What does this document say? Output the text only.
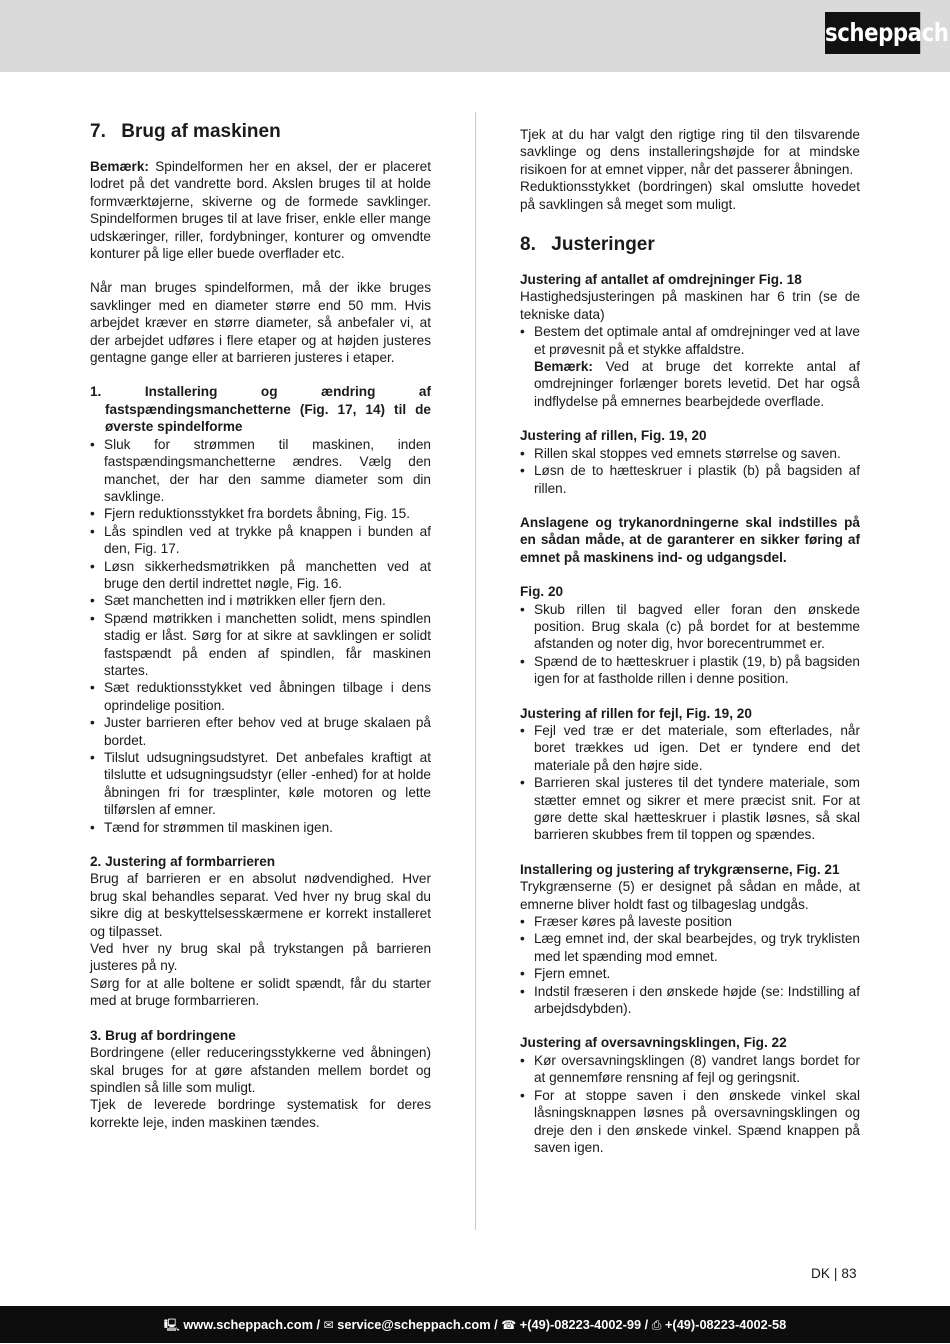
scheppach
7. Brug af maskinen

Bemærk: Spindelformen her en aksel, der er placeret lodret på det vandrette bord. Akslen bruges til at holde formværktøjerne, skiverne og de formede savklinger. Spindelformen bruges til at lave friser, enkle eller mange udskæringer, riller, fordybninger, konturer og omvendte konturer på lige eller buede overflader etc.

Når man bruges spindelformen, må der ikke bruges savklinger med en diameter større end 50 mm. Hvis arbejdet kræver en større diameter, så anbefaler vi, at der arbejdet udføres i flere etaper og at højden justeres gentagne gange eller at barrieren justeres i etaper.

1. Installering og ændring af fastspændingsmanchetterne (Fig. 17, 14) til de øverste spindelforme

• Sluk for strømmen til maskinen, inden fastspændingsmanchetterne ændres. Vælg den manchet, der har den samme diameter som din savklinge.
• Fjern reduktionsstykket fra bordets åbning, Fig. 15.
• Lås spindlen ved at trykke på knappen i bunden af den, Fig. 17.
• Løsn sikkerhedsmøtrikken på manchetten ved at bruge den dertil indrettet nøgle, Fig. 16.
• Sæt manchetten ind i møtrikken eller fjern den.
• Spænd møtrikken i manchetten solidt, mens spindlen stadig er låst. Sørg for at sikre at savklingen er solidt fastspændt på enden af spindlen, får maskinen startes.
• Sæt reduktionsstykket ved åbningen tilbage i dens oprindelige position.
• Juster barrieren efter behov ved at bruge skalaen på bordet.
• Tilslut udsugningsudstyret. Det anbefales kraftigt at tilslutte et udsugningsudstyr (eller -enhed) for at holde åbningen fri for træsplinter, køle motoren og lette tilførslen af emner.
• Tænd for strømmen til maskinen igen.

2. Justering af formbarrieren

Brug af barrieren er en absolut nødvendighed. Hver brug skal behandles separat. Ved hver ny brug skal du sikre dig at beskyttelsesskærmene er korrekt installeret og tilpasset.

Ved hver ny brug skal på trykstangen på barrieren justeres på ny.

Sørg for at alle boltene er solidt spændt, får du starter med at bruge formbarrieren.

3. Brug af bordringene

Bordringene (eller reduceringsstykkerne ved åbningen) skal bruges for at gøre afstanden mellem bordet og spindlen så lille som muligt.

Tjek de leverede bordringe systematisk for deres korrekte leje, inden maskinen tændes.

Tjek at du har valgt den rigtige ring til den tilsvarende savklinge og dens installeringshøjde for at mindske risikoen for at emnet vipper, når det passerer åbningen.

Reduktionsstykket (bordringen) skal omslutte hovedet på savklingen så meget som muligt.

8. Justeringer

Justering af antallet af omdrejninger Fig. 18

Hastighedsjusteringen på maskinen har 6 trin (se de tekniske data)

• Bestem det optimale antal af omdrejninger ved at lave et prøvesnit på et stykke affaldstre.
Bemærk: Ved at bruge det korrekte antal af omdrejninger forlænger borets levetid. Det har også indflydelse på emnernes bearbejdede overflade.

Justering af rillen, Fig. 19, 20

• Rillen skal stoppes ved emnets størrelse og saven.
• Løsn de to hætteskruer i plastik (b) på bagsiden af rillen.

Anslagene og trykanordningerne skal indstilles på en sådan måde, at de garanterer en sikker føring af emnet på maskinens ind- og udgangsdel.

Fig. 20

• Skub rillen til bagved eller foran den ønskede position. Brug skala (c) på bordet for at bestemme afstanden og noter dig, hvor borecentrummet er.
• Spænd de to hætteskruer i plastik (19, b) på bagsiden igen for at fastholde rillen i denne position.

Justering af rillen for fejl, Fig. 19, 20

• Fejl ved træ er det materiale, som efterlades, når boret trækkes ud igen. Det er tyndere end det materiale på den højre side.
• Barrieren skal justeres til det tyndere materiale, som stætter emnet og sikrer et mere præcist snit. For at gøre dette skal hætteskruer i plastik løsnes, så skal barrieren skubbes frem til toppen og spændes.

Installering og justering af trykgrænserne, Fig. 21

Trykgrænserne (5) er designet på sådan en måde, at emnerne bliver holdt fast og tilbageslag undgås.

• Fræser køres på laveste position
• Læg emnet ind, der skal bearbejdes, og tryk tryklisten med let spænding mod emnet.
• Fjern emnet.
• Indstil fræseren i den ønskede højde (se: Indstilling af arbejdsdybden).

Justering af oversavningsklingen, Fig. 22

• Kør oversavningsklingen (8) vandret langs bordet for at gennemføre rensning af fejl og geringsnit.
• For at stoppe saven i den ønskede vinkel skal låsningsknappen løsnes på oversavningsklingen og dreje den i den ønskede vinkel. Spænd knappen på saven igen.
DK | 83
🖳 www.scheppach.com / ✉ service@scheppach.com / ☎ +(49)-08223-4002-99 / ⎙ +(49)-08223-4002-58
